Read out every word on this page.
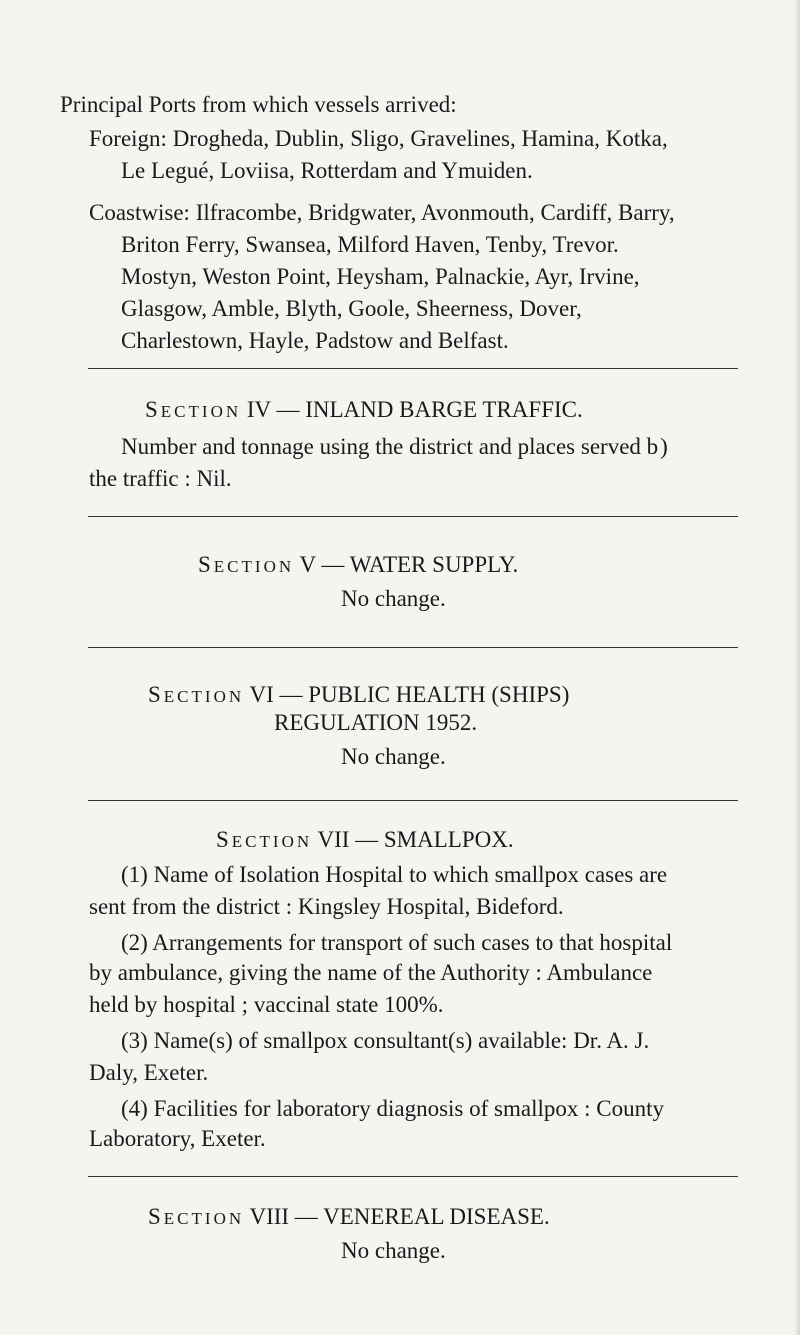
Principal Ports from which vessels arrived:
Foreign: Drogheda, Dublin, Sligo, Gravelines, Hamina, Kotka,
Le Legué, Loviisa, Rotterdam and Ymuiden.
Coastwise: Ilfracombe, Bridgwater, Avonmouth, Cardiff, Barry,
Briton Ferry, Swansea, Milford Haven, Tenby, Trevor.
Mostyn, Weston Point, Heysham, Palnackie, Ayr, Irvine,
Glasgow, Amble, Blyth, Goole, Sheerness, Dover,
Charlestown, Hayle, Padstow and Belfast.
SECTION IV — INLAND BARGE TRAFFIC.
Number and tonnage using the district and places served b )
the traffic : Nil.
SECTION V — WATER SUPPLY.
No change.
SECTION VI — PUBLIC HEALTH (SHIPS)
REGULATION 1952.
No change.
SECTION VII — SMALLPOX.
(1) Name of Isolation Hospital to which smallpox cases are
sent from the district : Kingsley Hospital, Bideford.
(2) Arrangements for transport of such cases to that hospital
by ambulance, giving the name of the Authority : Ambulance
held by hospital ; vaccinal state 100%.
(3) Name(s) of smallpox consultant(s) available: Dr. A. J.
Daly, Exeter.
(4) Facilities for laboratory diagnosis of smallpox : County
Laboratory, Exeter.
SECTION VIII — VENEREAL DISEASE.
No change.
